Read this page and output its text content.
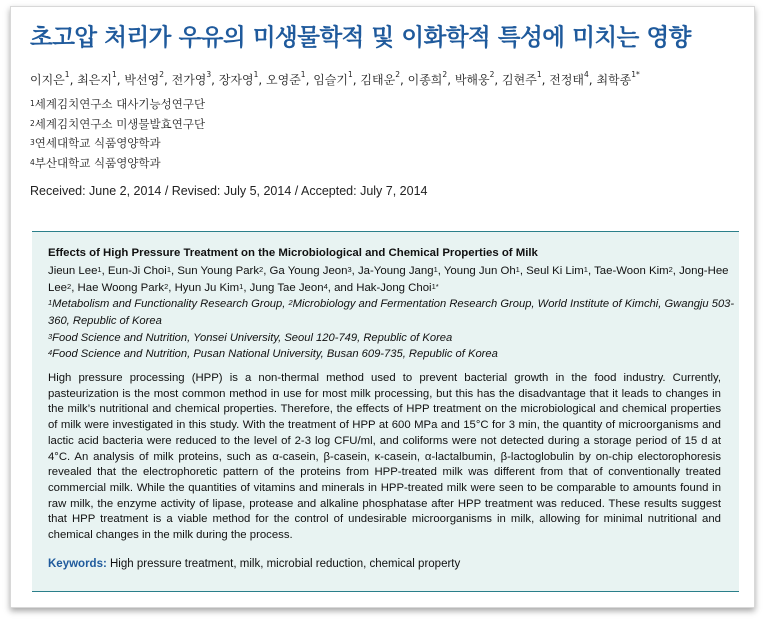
초고압 처리가 우유의 미생물학적 및 이화학적 특성에 미치는 영향
이지은$^1$, 최은지$^1$, 박선영$^2$, 전가영$^3$, 장자영$^1$, 오영준$^1$, 임슬기$^1$, 김태운$^2$, 이종희$^2$, 박해웅$^2$, 김현주$^1$, 전정태$^4$, 최학종$^{1*}$
$^1$세계김치연구소 대사기능성연구단
$^2$세계김치연구소 미생물발효연구단
$^3$연세대학교 식품영양학과
$^4$부산대학교 식품영양학과
Received: June 2, 2014 / Revised: July 5, 2014 / Accepted: July 7, 2014
Effects of High Pressure Treatment on the Microbiological and Chemical Properties of Milk
Jieun Lee$^1$, Eun-Ji Choi$^1$, Sun Young Park$^2$, Ga Young Jeon$^3$, Ja-Young Jang$^1$, Young Jun Oh$^1$, Seul Ki Lim$^1$, Tae-Woon Kim$^2$, Jong-Hee Lee$^2$, Hae Woong Park$^2$, Hyun Ju Kim$^1$, Jung Tae Jeon$^4$, and Hak-Jong Choi$^{1*}$
$^1$Metabolism and Functionality Research Group, $^2$Microbiology and Fermentation Research Group, World Institute of Kimchi, Gwangju 503-360, Republic of Korea
$^3$Food Science and Nutrition, Yonsei University, Seoul 120-749, Republic of Korea
$^4$Food Science and Nutrition, Pusan National University, Busan 609-735, Republic of Korea
High pressure processing (HPP) is a non-thermal method used to prevent bacterial growth in the food industry. Currently, pasteurization is the most common method in use for most milk processing, but this has the disadvantage that it leads to changes in the milk’s nutritional and chemical properties. Therefore, the effects of HPP treatment on the microbiological and chemical properties of milk were investigated in this study. With the treatment of HPP at 600 MPa and 15°C for 3 min, the quantity of microorganisms and lactic acid bacteria were reduced to the level of 2-3 log CFU/ml, and coliforms were not detected during a storage period of 15 d at 4°C. An analysis of milk proteins, such as α-casein, β-casein, κ-casein, α-lactalbumin, β-lactoglobulin by on-chip electorophoresis revealed that the electrophoretic pattern of the proteins from HPP-treated milk was different from that of conventionally treated commercial milk. While the quantities of vitamins and minerals in HPP-treated milk were seen to be comparable to amounts found in raw milk, the enzyme activity of lipase, protease and alkaline phosphatase after HPP treatment was reduced. These results suggest that HPP treatment is a viable method for the control of undesirable microorganisms in milk, allowing for minimal nutritional and chemical changes in the milk during the process.
Keywords: High pressure treatment, milk, microbial reduction, chemical property
